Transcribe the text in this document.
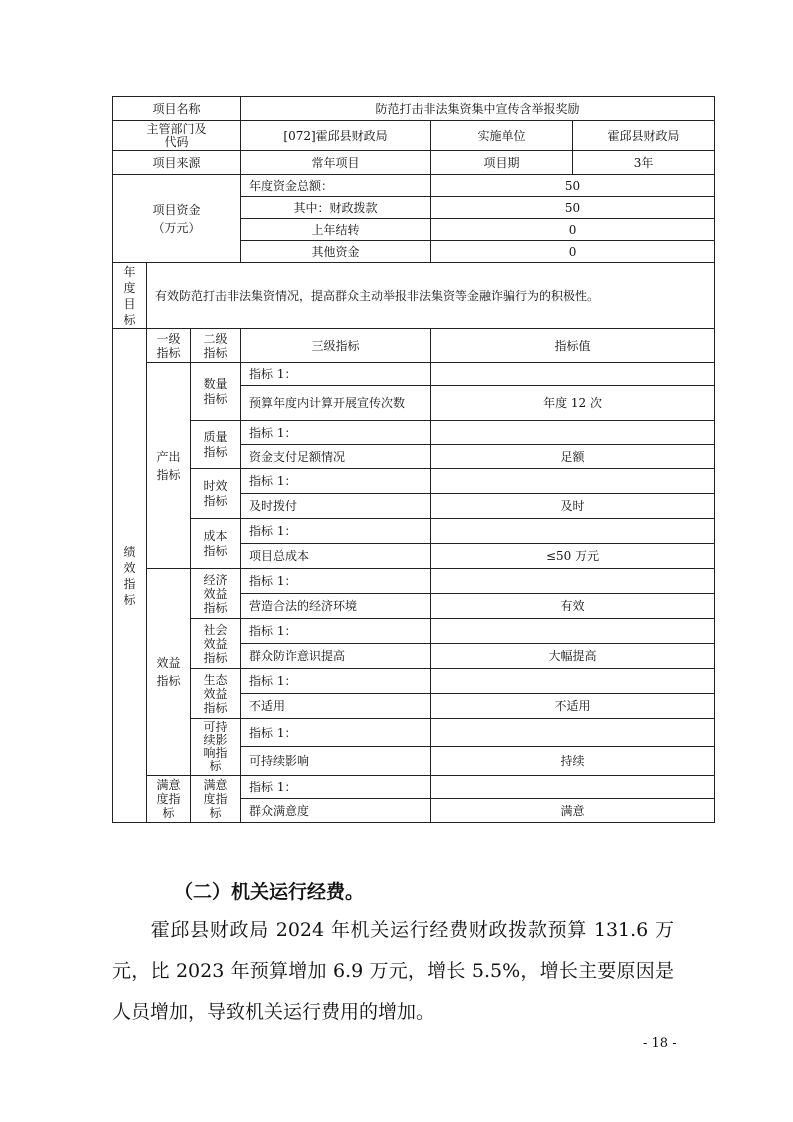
项目名称			防范打击非法集资集中宣传含举报奖励		
主管部门及代码			[072]霍邱县财政局	实施单位	霍邱县财政局
项目来源			常年项目	项目期	3年
项目资金（万元）			年度资金总额：	50	
			其中：财政拨款	50	
			上年结转	0	
			其他资金	0	
年度目标	有效防范打击非法集资情况，提高群众主动举报非法集资等金融诈骗行为的积极性。				
绩效指标	一级指标	二级指标	三级指标	指标值	
	产出指标	数量指标	指标 1：		
			预算年度内计算开展宣传次数	年度 12 次	
		质量指标	指标 1：		
			资金支付足额情况	足额	
		时效指标	指标 1：		
			及时拨付	及时	
		成本指标	指标 1：		
			项目总成本	≤50 万元	
	效益指标	经济效益指标	指标 1：		
			营造合法的经济环境	有效	
		社会效益指标	指标 1：		
			群众防诈意识提高	大幅提高	
		生态效益指标	指标 1：		
			不适用	不适用	
		可持续影响指标	指标 1：		
			可持续影响	持续	
	满意度指标	满意度指标	指标 1：		
			群众满意度	满意	
（二）机关运行经费。
霍邱县财政局 2024 年机关运行经费财政拨款预算 131.6 万元，比 2023 年预算增加 6.9 万元，增长 5.5%，增长主要原因是人员增加，导致机关运行费用的增加。
- 18 -
